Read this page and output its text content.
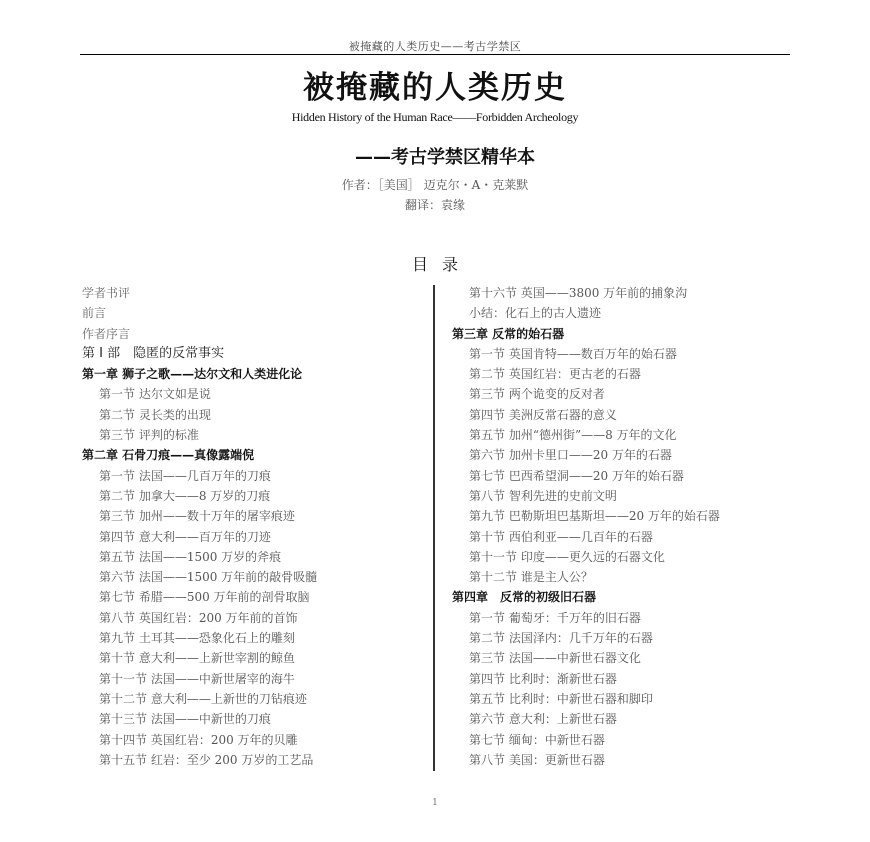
被掩藏的人类历史——考古学禁区
被掩藏的人类历史
Hidden History of the Human Race——Forbidden Archeology
——考古学禁区精华本
作者：［美国］ 迈克尔・A・克莱默
翻译：袁缘
目录
学者书评
前言
作者序言
第 I 部　隐匿的反常事实
第一章 狮子之歌——达尔文和人类进化论
第一节 达尔文如是说
第二节 灵长类的出现
第三节 评判的标准
第二章 石骨刀痕——真像露端倪
第一节 法国——几百万年的刀痕
第二节 加拿大——8 万岁的刀痕
第三节 加州——数十万年的屠宰痕迹
第四节 意大利——百万年的刀迹
第五节 法国——1500 万岁的斧痕
第六节 法国——1500 万年前的敲骨吸髓
第七节 希腊——500 万年前的剖骨取脑
第八节 英国红岩：200 万年前的首饰
第九节 土耳其——恐象化石上的雕刻
第十节 意大利——上新世宰割的鲸鱼
第十一节 法国——中新世屠宰的海牛
第十二节 意大利——上新世的刀钻痕迹
第十三节 法国——中新世的刀痕
第十四节 英国红岩：200 万年的贝雕
第十五节 红岩：至少 200 万岁的工艺品
第十六节 英国——3800 万年前的捕象沟
小结：化石上的古人遗迹
第三章 反常的始石器
第一节 英国肯特——数百万年的始石器
第二节 英国红岩：更古老的石器
第三节 两个诡变的反对者
第四节 美洲反常石器的意义
第五节 加州“德州街”——8 万年的文化
第六节 加州卡里口——20 万年的石器
第七节 巴西希望洞——20 万年的始石器
第八节 智利先进的史前文明
第九节 巴勒斯坦巴基斯坦——20 万年的始石器
第十节 西伯利亚——几百年的石器
第十一节 印度——更久远的石器文化
第十二节 谁是主人公？
第四章　反常的初级旧石器
第一节 葡萄牙：千万年的旧石器
第二节 法国泽内：几千万年的石器
第三节 法国——中新世石器文化
第四节 比利时：渐新世石器
第五节 比利时：中新世石器和脚印
第六节 意大利：上新世石器
第七节 缅甸：中新世石器
第八节 美国：更新世石器
1
